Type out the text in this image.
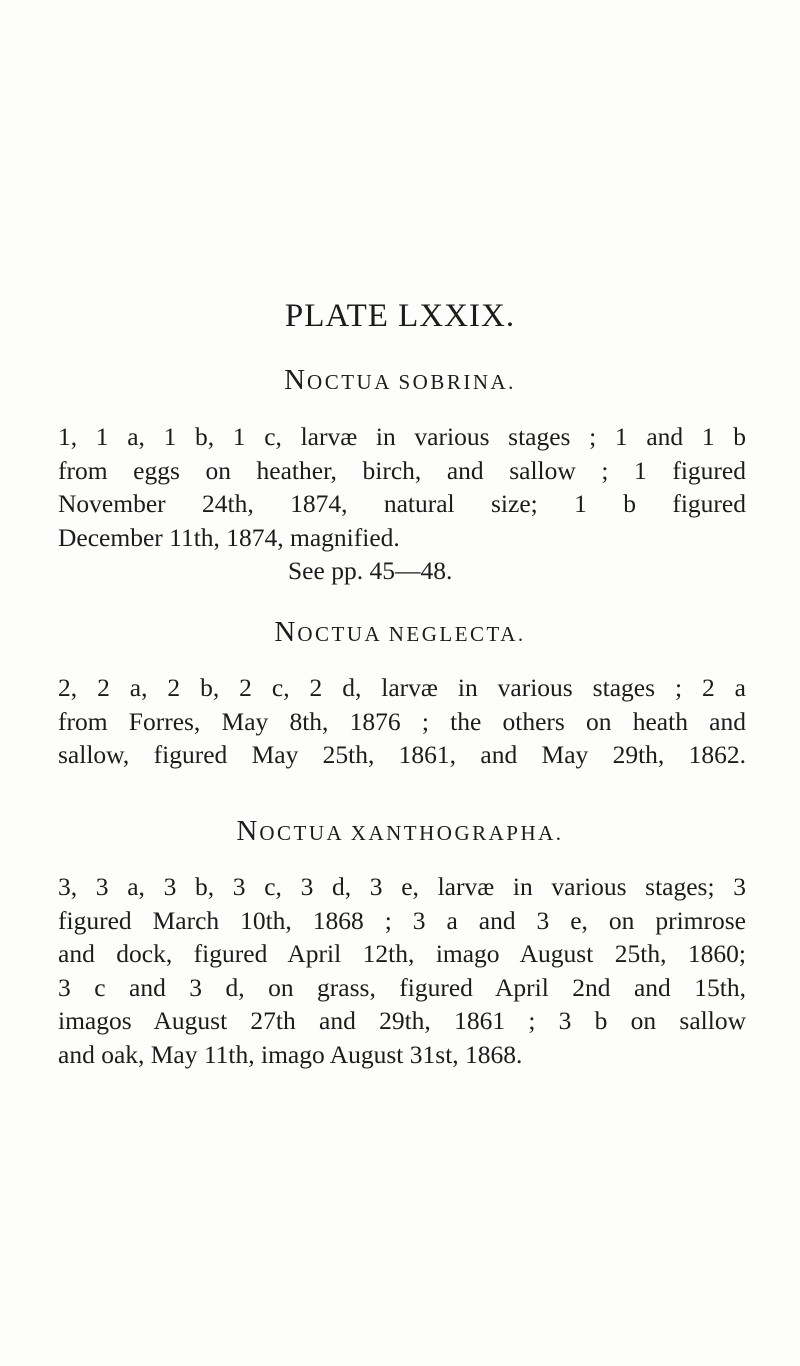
PLATE LXXIX.
NOCTUA SOBRINA.

1, 1 a, 1 b, 1 c, larvæ in various stages ; 1 and 1 b
from eggs on heather, birch, and sallow ; 1 figured
November 24th, 1874, natural size; 1 b figured
December 11th, 1874, magnified.
See pp. 45—48.

NOCTUA NEGLECTA.

2, 2 a, 2 b, 2 c, 2 d, larvæ in various stages ; 2 a
from Forres, May 8th, 1876 ; the others on heath and
sallow, figured May 25th, 1861, and May 29th, 1862.

NOCTUA XANTHOGRAPHA.

3, 3 a, 3 b, 3 c, 3 d, 3 e, larvæ in various stages; 3
figured March 10th, 1868 ; 3 a and 3 e, on primrose
and dock, figured April 12th, imago August 25th, 1860;
3 c and 3 d, on grass, figured April 2nd and 15th,
imagos August 27th and 29th, 1861 ; 3 b on sallow
and oak, May 11th, imago August 31st, 1868.
